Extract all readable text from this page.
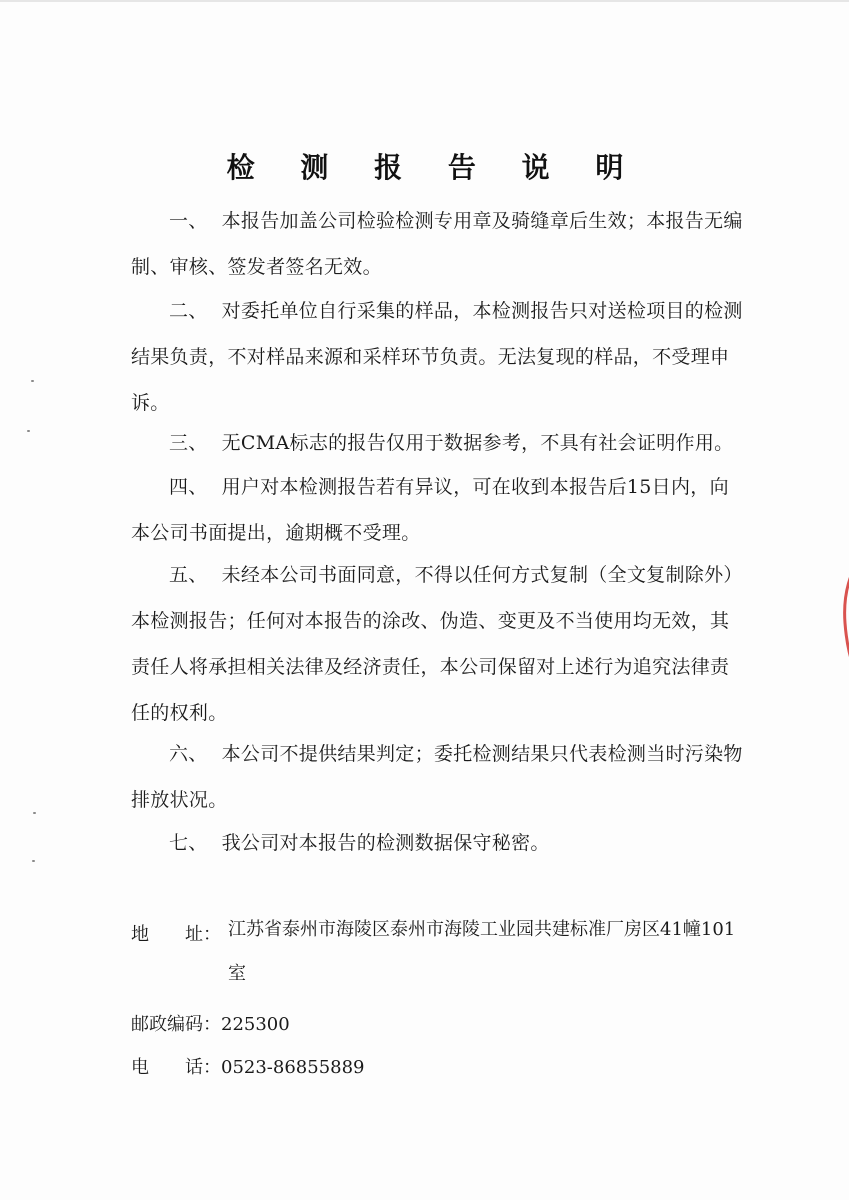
检 测 报 告 说 明
一、 本报告加盖公司检验检测专用章及骑缝章后生效；本报告无编制、审核、签发者签名无效。
二、 对委托单位自行采集的样品，本检测报告只对送检项目的检测结果负责，不对样品来源和采样环节负责。无法复现的样品，不受理申诉。
三、 无CMA标志的报告仅用于数据参考，不具有社会证明作用。
四、 用户对本检测报告若有异议，可在收到本报告后15日内，向本公司书面提出，逾期概不受理。
五、 未经本公司书面同意，不得以任何方式复制（全文复制除外）本检测报告；任何对本报告的涂改、伪造、变更及不当使用均无效，其责任人将承担相关法律及经济责任，本公司保留对上述行为追究法律责任的权利。
六、 本公司不提供结果判定；委托检测结果只代表检测当时污染物排放状况。
七、 我公司对本报告的检测数据保守秘密。
地　　址： 江苏省泰州市海陵区泰州市海陵工业园共建标准厂房区41幢101室
邮政编码：225300
电　　话：0523-86855889
